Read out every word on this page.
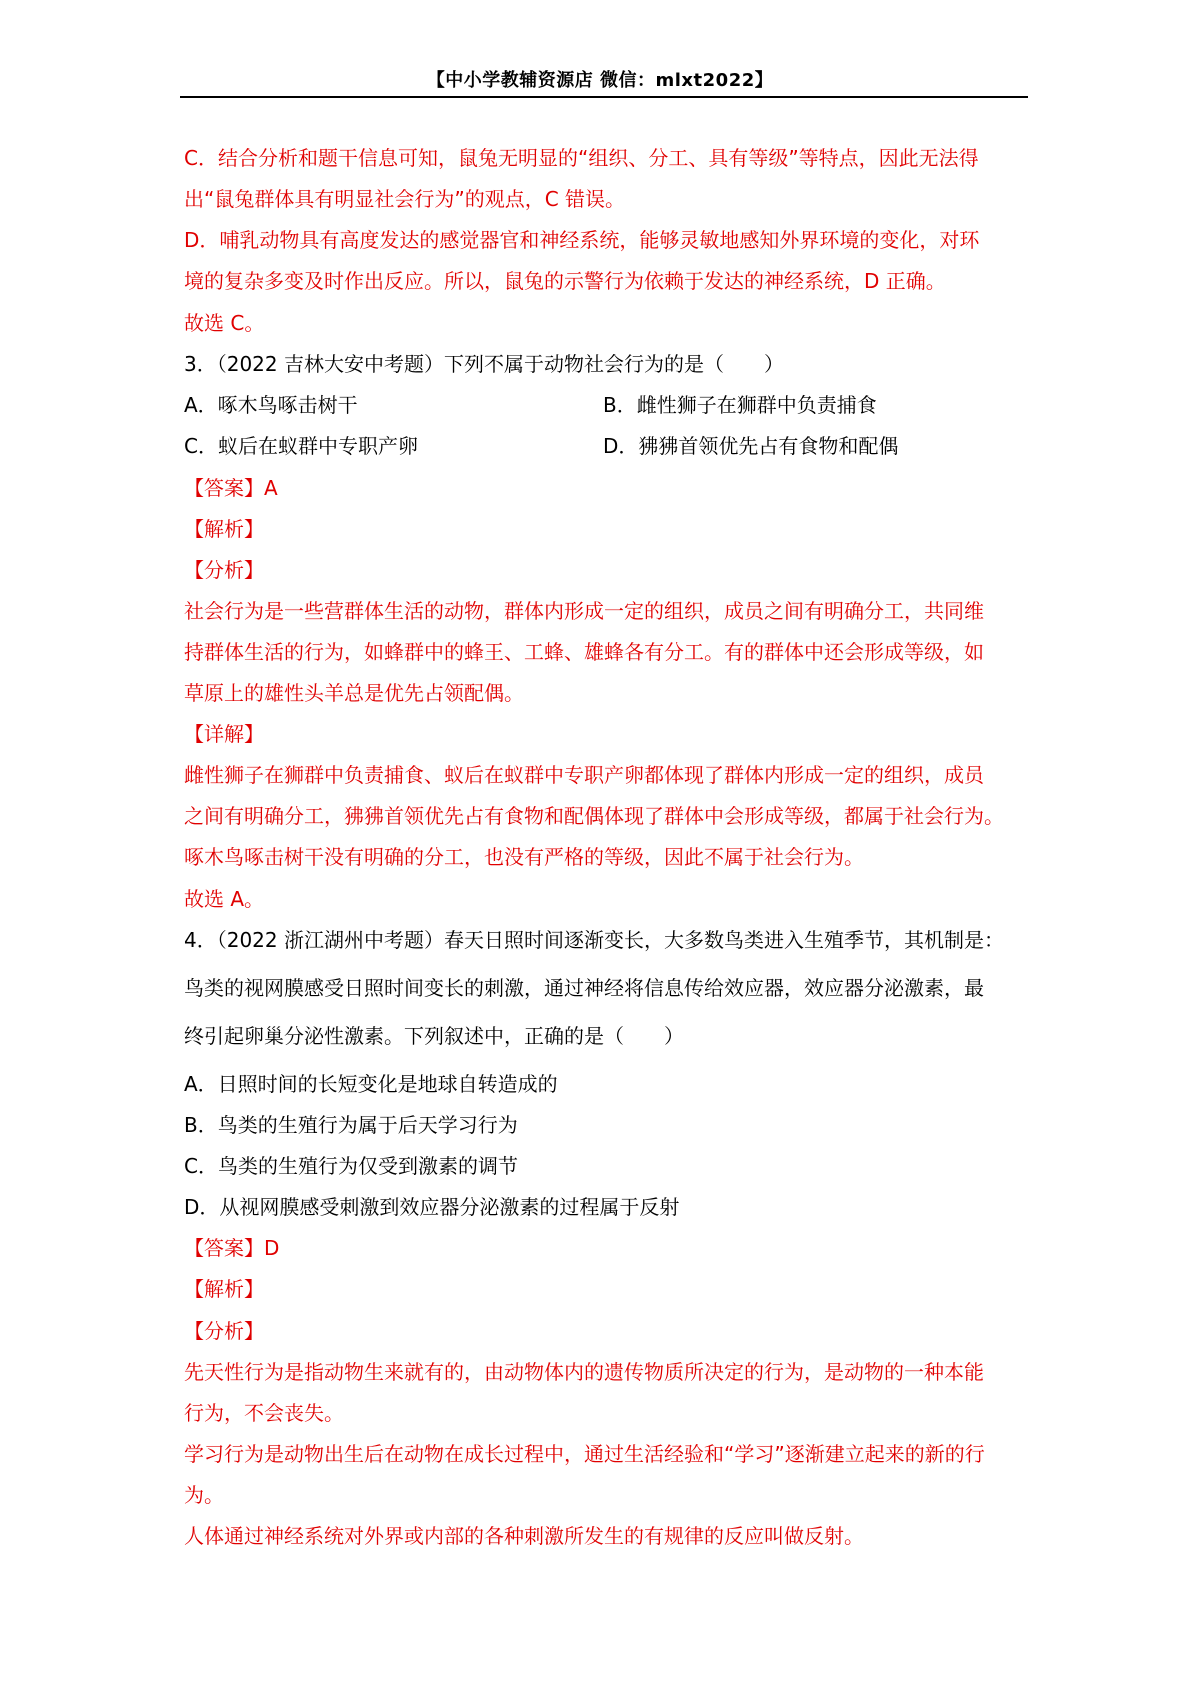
【中小学教辅资源店 微信：mlxt2022】
C．结合分析和题干信息可知，鼠兔无明显的“组织、分工、具有等级”等特点，因此无法得
出“鼠兔群体具有明显社会行为”的观点，C 错误。
D．哺乳动物具有高度发达的感觉器官和神经系统，能够灵敏地感知外界环境的变化，对环
境的复杂多变及时作出反应。所以，鼠兔的示警行为依赖于发达的神经系统，D 正确。
故选 C。
3．（2022 吉林大安中考题）下列不属于动物社会行为的是（　　）
A．啄木鸟啄击树干	B．雌性狮子在狮群中负责捕食
C．蚁后在蚁群中专职产卵	D．狒狒首领优先占有食物和配偶
【答案】A
【解析】
【分析】
社会行为是一些营群体生活的动物，群体内形成一定的组织，成员之间有明确分工，共同维
持群体生活的行为，如蜂群中的蜂王、工蜂、雄蜂各有分工。有的群体中还会形成等级，如
草原上的雄性头羊总是优先占领配偶。
【详解】
雌性狮子在狮群中负责捕食、蚁后在蚁群中专职产卵都体现了群体内形成一定的组织，成员
之间有明确分工，狒狒首领优先占有食物和配偶体现了群体中会形成等级，都属于社会行为。
啄木鸟啄击树干没有明确的分工，也没有严格的等级，因此不属于社会行为。
故选 A。
4．（2022 浙江湖州中考题）春天日照时间逐渐变长，大多数鸟类进入生殖季节，其机制是：
鸟类的视网膜感受日照时间变长的刺激，通过神经将信息传给效应器，效应器分泌激素，最
终引起卵巢分泌性激素。下列叙述中，正确的是（　　）
A．日照时间的长短变化是地球自转造成的
B．鸟类的生殖行为属于后天学习行为
C．鸟类的生殖行为仅受到激素的调节
D．从视网膜感受刺激到效应器分泌激素的过程属于反射
【答案】D
【解析】
【分析】
先天性行为是指动物生来就有的，由动物体内的遗传物质所决定的行为，是动物的一种本能
行为，不会丧失。
学习行为是动物出生后在动物在成长过程中，通过生活经验和“学习”逐渐建立起来的新的行
为。
人体通过神经系统对外界或内部的各种刺激所发生的有规律的反应叫做反射。
